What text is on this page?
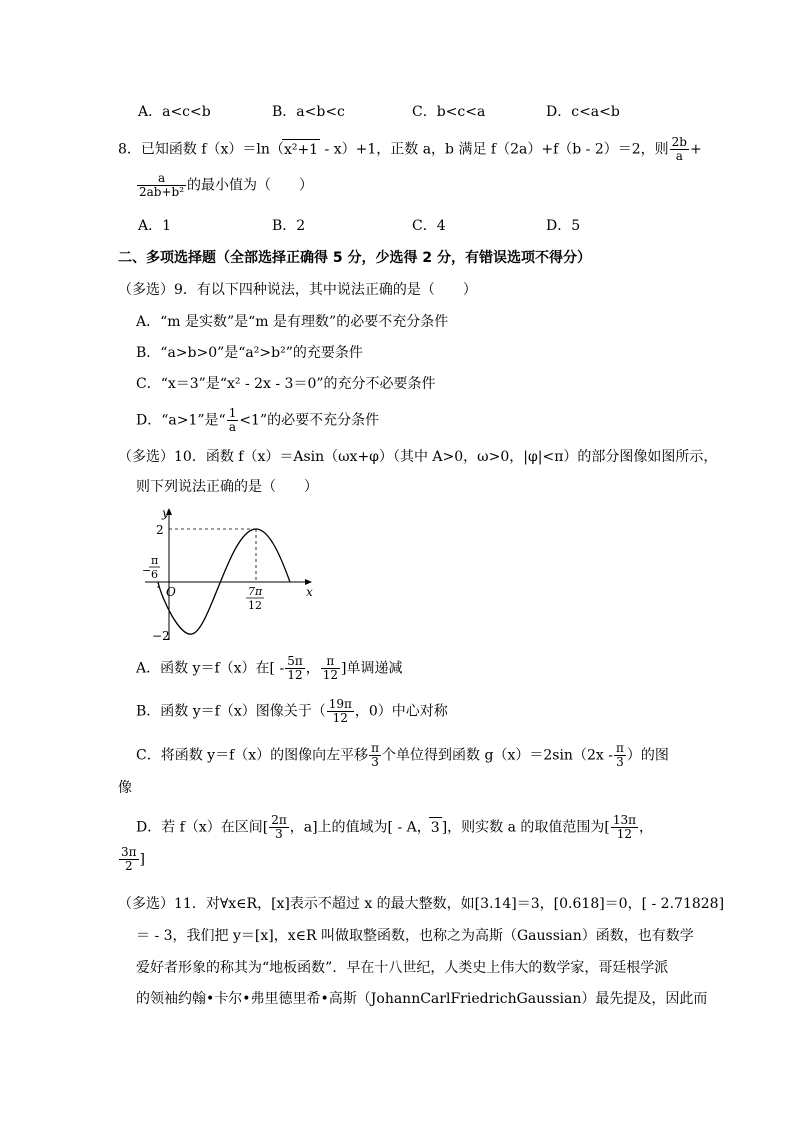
A．a<c<b	B．a<b<c	C．b<c<a	D．c<a<b
8．已知函数 f（x）＝ln（x²+1 - x）+1，正数 a，b 满足 f（2a）+f（b - 2）＝2，则 $\frac{2b}{a}$ +
$\frac{a}{\text{2ab+b²}}$ 的最小值为（　　）
A．1	B．2	C．4	D．5
二、多项选择题（全部选择正确得 5 分，少选得 2 分，有错误选项不得分）
（多选）9．有以下四种说法，其中说法正确的是（　　）
A．“m 是实数”是“m 是有理数”的必要不充分条件
B．“a>b>0”是“a²>b²”的充要条件
C．“x＝3”是“x² - 2x - 3＝0”的充分不必要条件
D．“a>1”是“ $\frac{1}{a} <1$”的必要不充分条件
（多选）10．函数 f（x）＝Asin（ωx+φ）（其中 A>0，ω>0，|φ|<π）的部分图像如图所示，
则下列说法正确的是（　　）
y
x
O
2
−2
π
− 6
7π
12
A．函数 y＝f（x）在[ - $\frac{5\pi}{12}$ ， $\frac{\pi}{12}$ ]单调递减
B．函数 y＝f（x）图像关于（ $\frac{19\pi}{12}$ ，0）中心对称
C．将函数 y＝f（x）的图像向左平移 $\frac{\pi}{3}$ 个单位得到函数 $g(x)=2\sin(2x - \frac{\pi}{3}$ ）的图
像
D．若 f（x）在区间[ $\frac{2\pi}{3}$ ，a]上的值域为[ - A，3 ]，则实数 a 的取值范围为[ $\frac{13\pi}{12}$ ，
$\frac{3\pi}{2}$ ]
（多选）11．对∀x∈R，[x]表示不超过 x 的最大整数，如[3.14]＝3，[0.618]＝0，[ - 2.71828]
＝ - 3，我们把 y＝[x]，x∈R 叫做取整函数，也称之为高斯（Gaussian）函数，也有数学
爱好者形象的称其为“地板函数”．早在十八世纪，人类史上伟大的数学家，哥廷根学派
的领袖约翰•卡尔•弗里德里希•高斯（JohannCarlFriedrichGaussian）最先提及，因此而
